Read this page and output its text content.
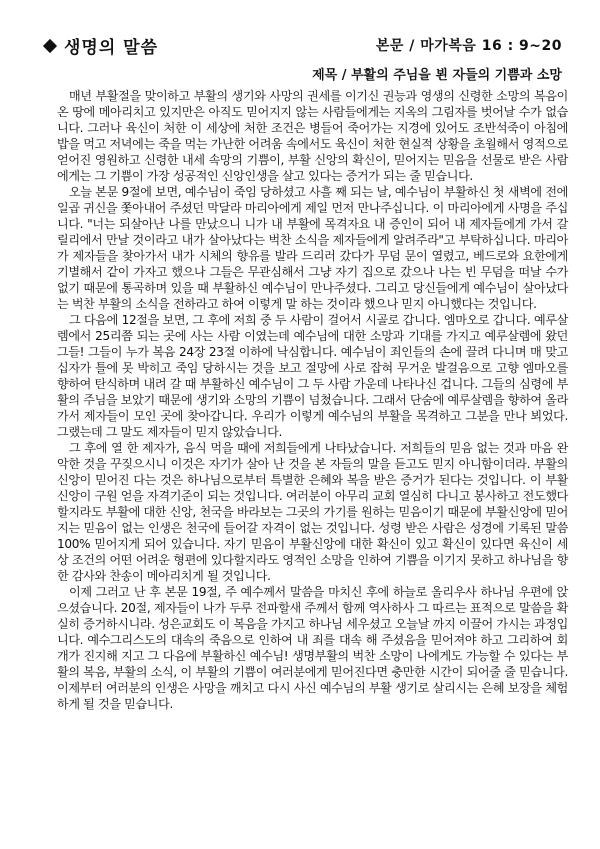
생명의 말씀	본문 / 마가복음 16 : 9~20
제목 / 부활의 주님을 뵌 자들의 기쁨과 소망

매년 부활절을 맞이하고 부활의 생기와 사망의 권세를 이기신 권능과 영생의 신령한 소망의 복음이 온 땅에 메아리치고 있지만은 아직도 믿어지지 않는 사람들에게는 지옥의 그림자를 벗어날 수가 없습니다. 그러나 육신이 처한 이 세상에 처한 조건은 병들어 죽어가는 지경에 있어도 조반석죽이 아침에 밥을 먹고 저녁에는 죽을 먹는 가난한 어려움 속에서도 육신이 처한 현실적 상황을 초월해서 영적으로 얻어진 영원하고 신령한 내세 속망의 기쁨이, 부활 신앙의 확신이, 믿어지는 믿음을 선물로 받은 사람에게는 그 기쁨이 가장 성공적인 신앙인생을 살고 있다는 증거가 되는 줄 믿습니다.

오늘 본문 9절에 보면, 예수님이 죽임 당하셨고 사흘 째 되는 날, 예수님이 부활하신 첫 새벽에 전에 일곱 귀신을 쫓아내어 주셨던 막달라 마리아에게 제일 먼저 만나주십니다. 이 마리아에게 사명을 주십니다. "너는 되살아난 나를 만났으니 니가 내 부활에 목격자요 내 증인이 되어 내 제자들에게 가서 갈릴리에서 만날 것이라고 내가 살아났다는 벅찬 소식을 제자들에게 알려주라"고 부탁하십니다. 마리아가 제자들을 찾아가서 내가 시체의 향유를 발라 드리러 갔다가 무덤 문이 열렸고, 베드로와 요한에게 기별해서 같이 가자고 했으나 그들은 무관심해서 그냥 자기 집으로 갔으나 나는 빈 무덤을 떠날 수가 없기 때문에 통곡하며 있을 때 부활하신 예수님이 만나주셨다. 그리고 당신들에게 예수님이 살아났다는 벅찬 부활의 소식을 전하라고 하여 이렇게 말 하는 것이라 했으나 믿지 아니했다는 것입니다.

그 다음에 12절을 보면, 그 후에 저희 중 두 사람이 걸어서 시골로 갑니다. 엠마오로 갑니다. 예루살렘에서 25리쯤 되는 곳에 사는 사람 이였는데 예수님에 대한 소망과 기대를 가지고 예루살렘에 왔던 그들! 그들이 누가 복음 24장 23절 이하에 낙심합니다. 예수님이 죄인들의 손에 끌려 다니며 매 맞고 십자가 틀에 못 박히고 죽임 당하시는 것을 보고 절망에 사로 잡혀 무거운 발걸음으로 고향 엠마오를 향하여 탄식하며 내려 갈 때 부활하신 예수님이 그 두 사람 가운데 나타나신 겁니다. 그들의 심령에 부활의 주님을 보았기 때문에 생기와 소망의 기쁨이 넘쳤습니다. 그래서 단숨에 예루살렘을 향하여 올라가서 제자들이 모인 곳에 찾아갑니다. 우리가 이렇게 예수님의 부활을 목격하고 그분을 만나 뵈었다. 그랬는데 그 말도 제자들이 믿지 않았습니다.

그 후에 열 한 제자가, 음식 먹을 때에 저희들에게 나타났습니다. 저희들의 믿음 없는 것과 마음 완악한 것을 꾸짖으시니 이것은 자기가 살아 난 것을 본 자들의 말을 듣고도 믿지 아니함이더라. 부활의 신앙이 믿어진 다는 것은 하나님으로부터 특별한 은혜와 복을 받은 증거가 된다는 것입니다. 이 부활 신앙이 구원 얻을 자격기준이 되는 것입니다. 여러분이 아무리 교회 열심히 다니고 봉사하고 전도했다 할지라도 부활에 대한 신앙, 천국을 바라보는 그곳의 가기를 원하는 믿음이기 때문에 부활신앙에 믿어지는 믿음이 없는 인생은 천국에 들어갈 자격이 없는 것입니다. 성령 받은 사람은 성경에 기록된 말씀 100% 믿어지게 되어 있습니다. 자기 믿음이 부활신앙에 대한 확신이 있고 확신이 있다면 육신이 세상 조건의 어떤 어려운 형편에 있다할지라도 영적인 소망을 인하여 기쁨을 이기지 못하고 하나님을 향한 감사와 찬송이 메아리치게 될 것입니다.

이제 그러고 난 후 본문 19절, 주 예수께서 말씀을 마치신 후에 하늘로 올리우사 하나님 우편에 앉으셨습니다. 20절, 제자들이 나가 두루 전파할새 주께서 함께 역사하사 그 따르는 표적으로 말씀을 확실히 증거하시니라. 성은교회도 이 복음을 가지고 하나님 세우셨고 오늘날 까지 이끌어 가시는 과정입니다. 예수그리스도의 대속의 죽음으로 인하여 내 죄를 대속 해 주셨음을 믿어져야 하고 그리하여 회개가 진지해 지고 그 다음에 부활하신 예수님! 생명부활의 벅찬 소망이 나에게도 가능할 수 있다는 부활의 복음, 부활의 소식, 이 부활의 기쁨이 여러분에게 믿어진다면 충만한 시간이 되어줄 줄 믿습니다. 이제부터 여러분의 인생은 사망을 깨치고 다시 사신 예수님의 부활 생기로 살리시는 은혜 보장을 체험하게 될 것을 믿습니다.
